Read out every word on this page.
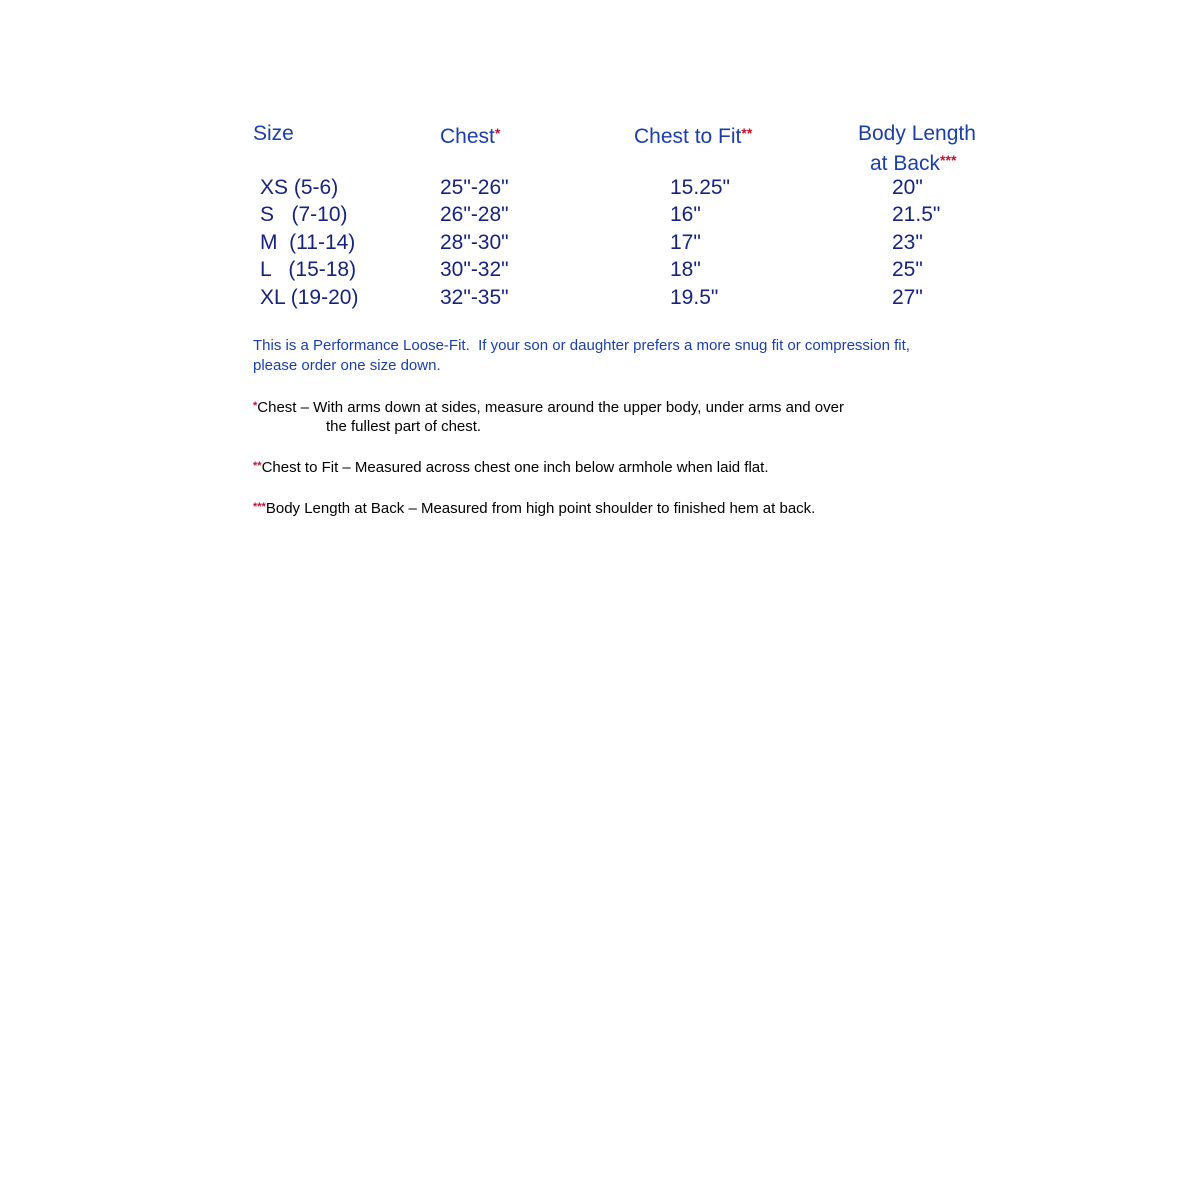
Size	Chest*	Chest to Fit**	Body Length
at Back***
XS (5-6)	25"-26"	15.25"	20"
S   (7-10)	26"-28"	16"	21.5"
M  (11-14)	28"-30"	17"	23"
L   (15-18)	30"-32"	18"	25"
XL (19-20)	32"-35"	19.5"	27"
This is a Performance Loose-Fit.  If your son or daughter prefers a more snug fit or compression fit,
please order one size down.
*Chest – With arms down at sides, measure around the upper body, under arms and over
the fullest part of chest.
**Chest to Fit – Measured across chest one inch below armhole when laid flat.
***Body Length at Back – Measured from high point shoulder to finished hem at back.
